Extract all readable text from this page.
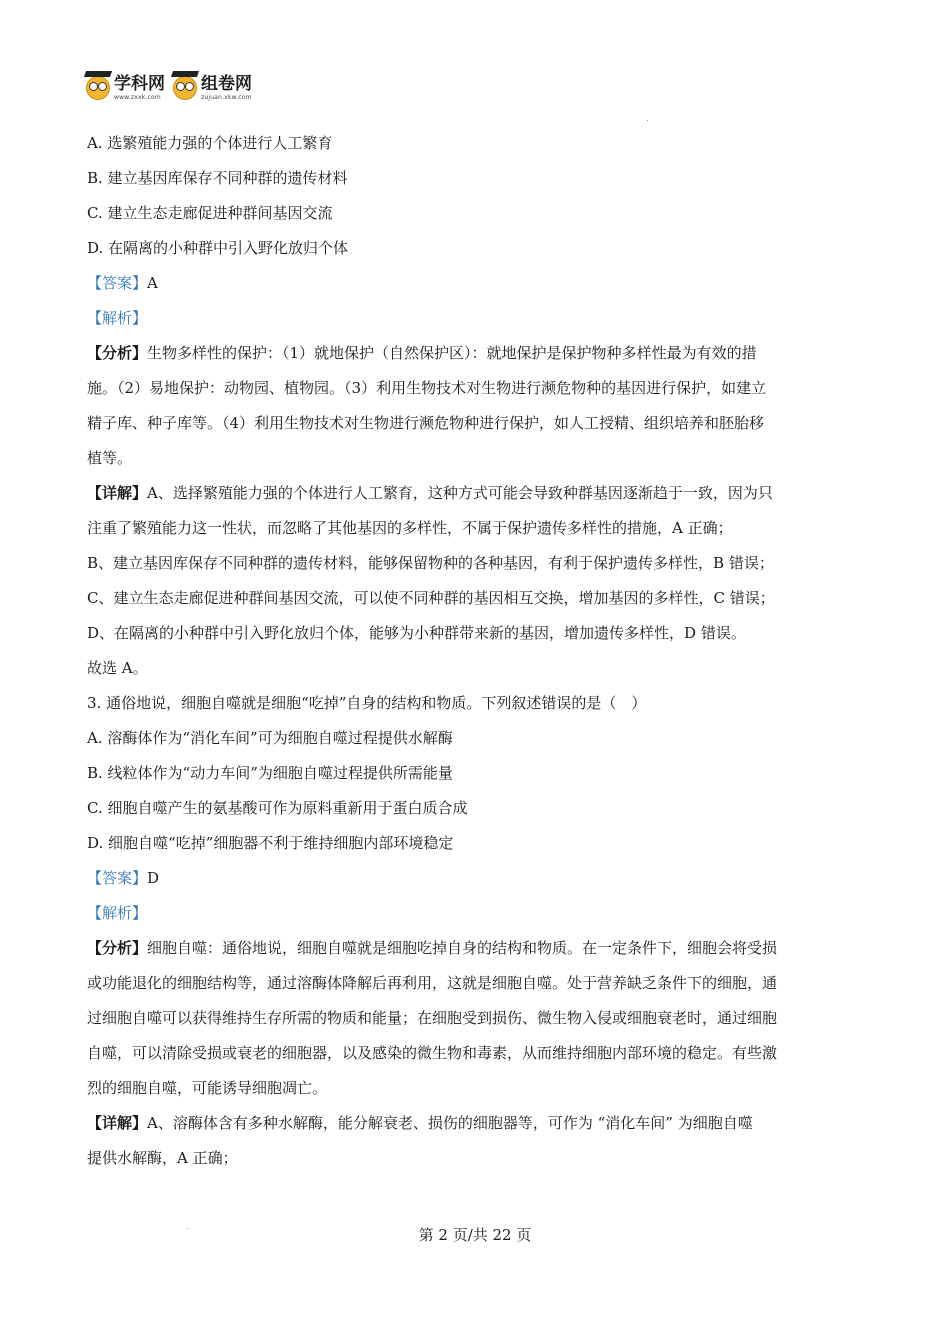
学科网
www.zxxk.com
组卷网
zujuan.xkw.com

A. 选繁殖能力强的个体进行人工繁育

B. 建立基因库保存不同种群的遗传材料

C. 建立生态走廊促进种群间基因交流

D. 在隔离的小种群中引入野化放归个体

【答案】A

【解析】

【分析】生物多样性的保护：（1）就地保护（自然保护区）：就地保护是保护物种多样性最为有效的措

施。（2）易地保护：动物园、植物园。（3）利用生物技术对生物进行濒危物种的基因进行保护，如建立

精子库、种子库等。（4）利用生物技术对生物进行濒危物种进行保护，如人工授精、组织培养和胚胎移

植等。

【详解】A、选择繁殖能力强的个体进行人工繁育，这种方式可能会导致种群基因逐渐趋于一致，因为只

注重了繁殖能力这一性状，而忽略了其他基因的多样性，不属于保护遗传多样性的措施，A 正确；

B、建立基因库保存不同种群的遗传材料，能够保留物种的各种基因，有利于保护遗传多样性，B 错误；

C、建立生态走廊促进种群间基因交流，可以使不同种群的基因相互交换，增加基因的多样性，C 错误；

D、在隔离的小种群中引入野化放归个体，能够为小种群带来新的基因，增加遗传多样性，D 错误。

故选 A。

3. 通俗地说，细胞自噬就是细胞“吃掉”自身的结构和物质。下列叙述错误的是（　）

A. 溶酶体作为“消化车间”可为细胞自噬过程提供水解酶

B. 线粒体作为“动力车间”为细胞自噬过程提供所需能量

C. 细胞自噬产生的氨基酸可作为原料重新用于蛋白质合成

D. 细胞自噬“吃掉”细胞器不利于维持细胞内部环境稳定

【答案】D

【解析】

【分析】细胞自噬：通俗地说，细胞自噬就是细胞吃掉自身的结构和物质。在一定条件下，细胞会将受损

或功能退化的细胞结构等，通过溶酶体降解后再利用，这就是细胞自噬。处于营养缺乏条件下的细胞，通

过细胞自噬可以获得维持生存所需的物质和能量；在细胞受到损伤、微生物入侵或细胞衰老时，通过细胞

自噬，可以清除受损或衰老的细胞器，以及感染的微生物和毒素，从而维持细胞内部环境的稳定。有些激

烈的细胞自噬，可能诱导细胞凋亡。

【详解】A、溶酶体含有多种水解酶，能分解衰老、损伤的细胞器等，可作为 “消化车间” 为细胞自噬

提供水解酶，A 正确；

第 2 页/共 22 页
